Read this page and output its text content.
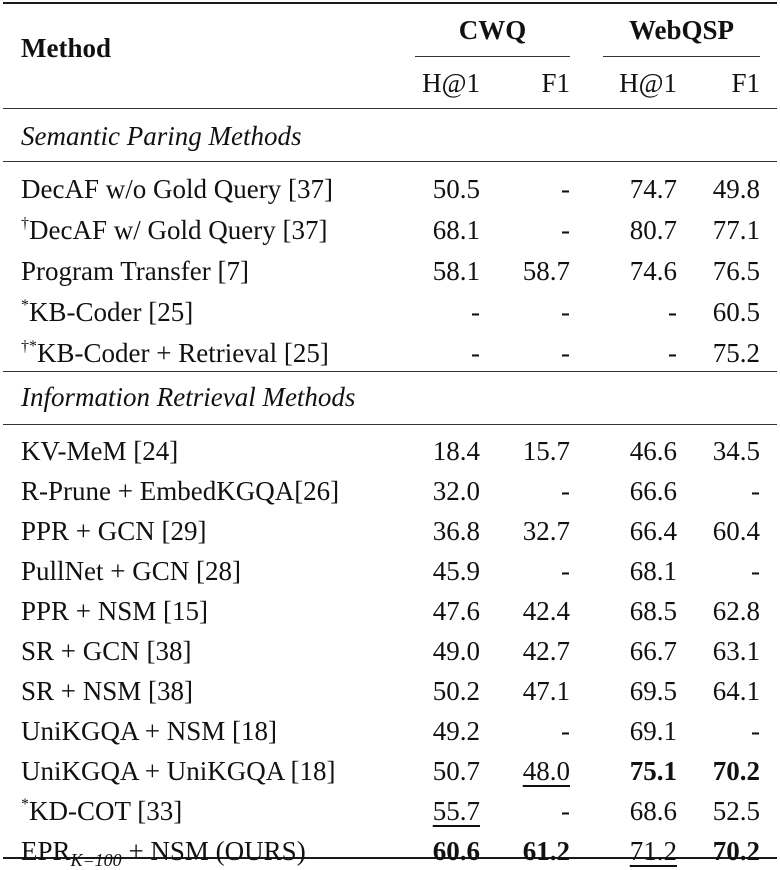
Method
CWQ	WebQSP
H@1 F1 H@1 F1
Semantic Paring Methods
DecAF w/o Gold Query [37]	50.5	- 74.7 49.8
†DecAF w/ Gold Query [37]	68.1	- 80.7 77.1
Program Transfer [7]	58.1 58.7 74.6 76.5
*KB-Coder [25]	-	-	- 60.5
†*KB-Coder + Retrieval [25]	-	-	- 75.2
Information Retrieval Methods
KV-MeM [24]	18.4 15.7 46.6 34.5
R-Prune + EmbedKGQA[26]	32.0	- 66.6	-
PPR + GCN [29]	36.8 32.7 66.4 60.4
PullNet + GCN [28]	45.9	- 68.1	-
PPR + NSM [15]	47.6 42.4 68.5 62.8
SR + GCN [38]	49.0 42.7 66.7 63.1
SR + NSM [38]	50.2 47.1 69.5 64.1
UniKGQA + NSM [18]	49.2	- 69.1	-
UniKGQA + UniKGQA [18]	50.7 48.0 75.1 70.2
*KD-COT [33]	55.7	- 68.6 52.5
$EPR_{K=100}$ + NSM (OURS)	60.6 61.2 71.2 70.2
